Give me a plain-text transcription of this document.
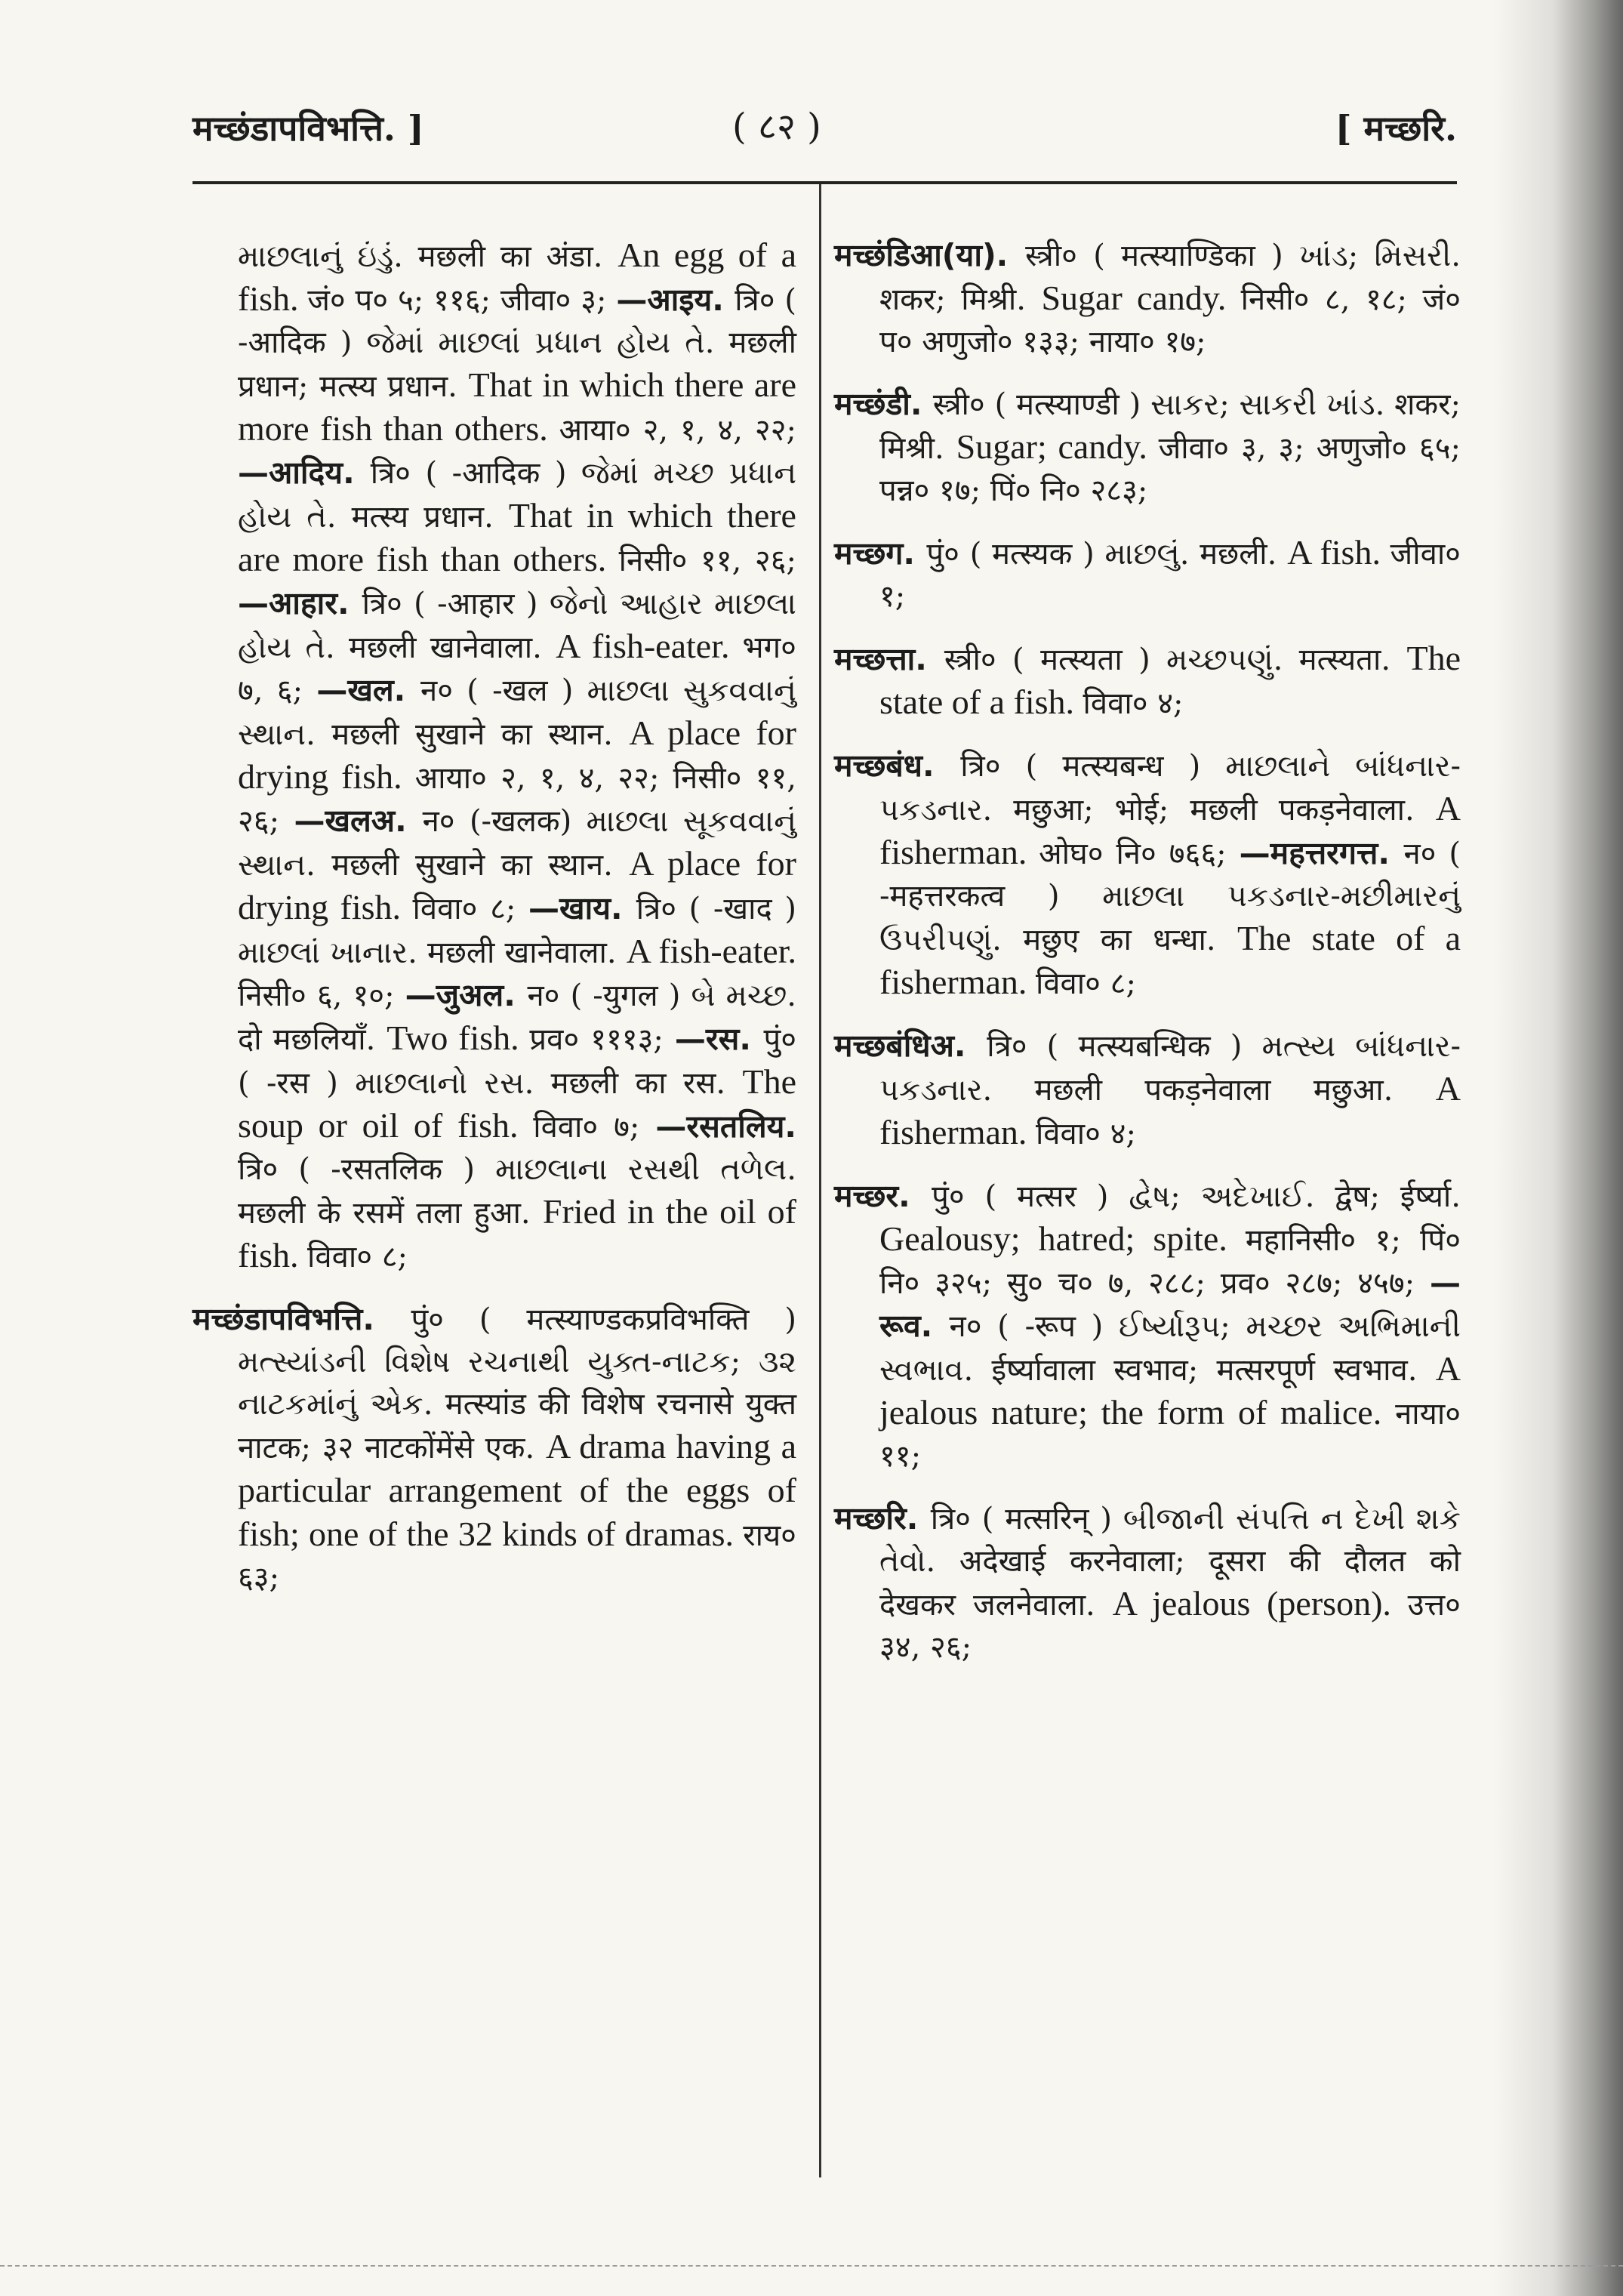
मच्छंडापविभत्ति. ]	( ८२ )	[ मच्छरि.

માછલાનું ઇંડું. मछली का अंडा. An egg of a fish. जं० प० ५; ११६; जीवा० ३; —आइय. त्रि० ( -आदिक ) જેમાં માછલાં પ્રધાન હોય તે. मछली प्रधान; मत्स्य प्रधान. That in which there are more fish than others. आया० २, १, ४, २२; —आदिय. त्रि० ( -आदिक ) જેમાં મચ્છ પ્રધાન હોય તે. मत्स्य प्रधान. That in which there are more fish than others. निसी० ११, २६; —आहार. त्रि० ( -आहार ) જેનો આહાર માછલા હોય તે. मछली खानेवाला. A fish-eater. भग० ७, ६; —खल. न० ( -खल ) માછલા સુકવવાનું સ્થાન. मछली सुखाने का स्थान. A place for drying fish. आया० २, १, ४, २२; निसी० ११, २६; —खलअ. न० (-खलक) માછલા સૂકવવાનું સ્થાન. मछली सुखाने का स्थान. A place for drying fish. विवा० ८; —खाय. त्रि० ( -खाद ) માછલાં ખાનાર. मछली खानेवाला. A fish-eater. निसी० ६, १०; —जुअल. न० ( -युगल ) બે મચ્છ. दो मछलियाँ. Two fish. प्रव० १११३; —रस. पुं० ( -रस ) માછલાનો રસ. मछली का रस. The soup or oil of fish. विवा० ७; —रसतलिय. त्रि० ( -रसतलिक ) માછલાના રસથી તળેલ. मछली के रसमें तला हुआ. Fried in the oil of fish. विवा० ८;

मच्छंडापविभत्ति. पुं० ( मत्स्याण्डकप्रविभक्ति ) મત્સ્યાંડની વિશેષ રચનાથી યુક્ત-નાટક; ૩૨ નાટકમાંનું એક. मत्स्यांड की विशेष रचनासे युक्त नाटक; ३२ नाटकोंमेंसे एक. A drama having a particular arrangement of the eggs of fish; one of the 32 kinds of dramas. राय० ६३;

मच्छंडिआ(या). स्त्री० ( मत्स्याण्डिका ) ખાંડ; મિસરી. शकर; मिश्री. Sugar candy. निसी० ८, १८; जं० प० अणुजो० १३३; नाया० १७;

मच्छंडी. स्त्री० ( मत्स्याण्डी ) સાકર; સાકરી ખાંડ. शकर; मिश्री. Sugar; candy. जीवा० ३, ३; अणुजो० ६५; पन्न० १७; पिं० नि० २८३;

मच्छग. पुं० ( मत्स्यक ) માછલું. मछली. A fish. जीवा० १;

मच्छत्ता. स्त्री० ( मत्स्यता ) મચ્છપણું. मत्स्यता. The state of a fish. विवा० ४;

मच्छबंध. त्रि० ( मत्स्यबन्ध ) માછલાને બાંધનાર-પકડનાર. मछुआ; भोई; मछली पकड़नेवाला. A fisherman. ओघ० नि० ७६६; —महत्तरगत्त. न० ( -महत्तरकत्व ) માછલા પકડનાર-મછીમારનું ઉપરીપણું. मछुए का धन्धा. The state of a fisherman. विवा० ८;

मच्छबंधिअ. त्रि० ( मत्स्यबन्धिक ) મત્સ્ય બાંધનાર-પકડનાર. मछली पकड़नेवाला मछुआ. A fisherman. विवा० ४;

मच्छर. पुं० ( मत्सर ) દ્વેષ; અદેખાઈ. द्वेष; ईर्ष्या. Gealousy; hatred; spite. महानिसी० १; पिं० नि० ३२५; सु० च० ७, २८८; प्रव० २८७; ४५७; —रूव. न० ( -रूप ) ઈર્ષ્યારૂપ; મચ્છર અભિમાની સ્વભાવ. ईर्ष्यावाला स्वभाव; मत्सरपूर्ण स्वभाव. A jealous nature; the form of malice. नाया० ११;

मच्छरि. त्रि० ( मत्सरिन् ) બીજાની સંપત્તિ ન દેખી શકે તેવો. अदेखाई करनेवाला; दूसरा की दौलत को देखकर जलनेवाला. A jealous (person). उत्त० ३४, २६;
